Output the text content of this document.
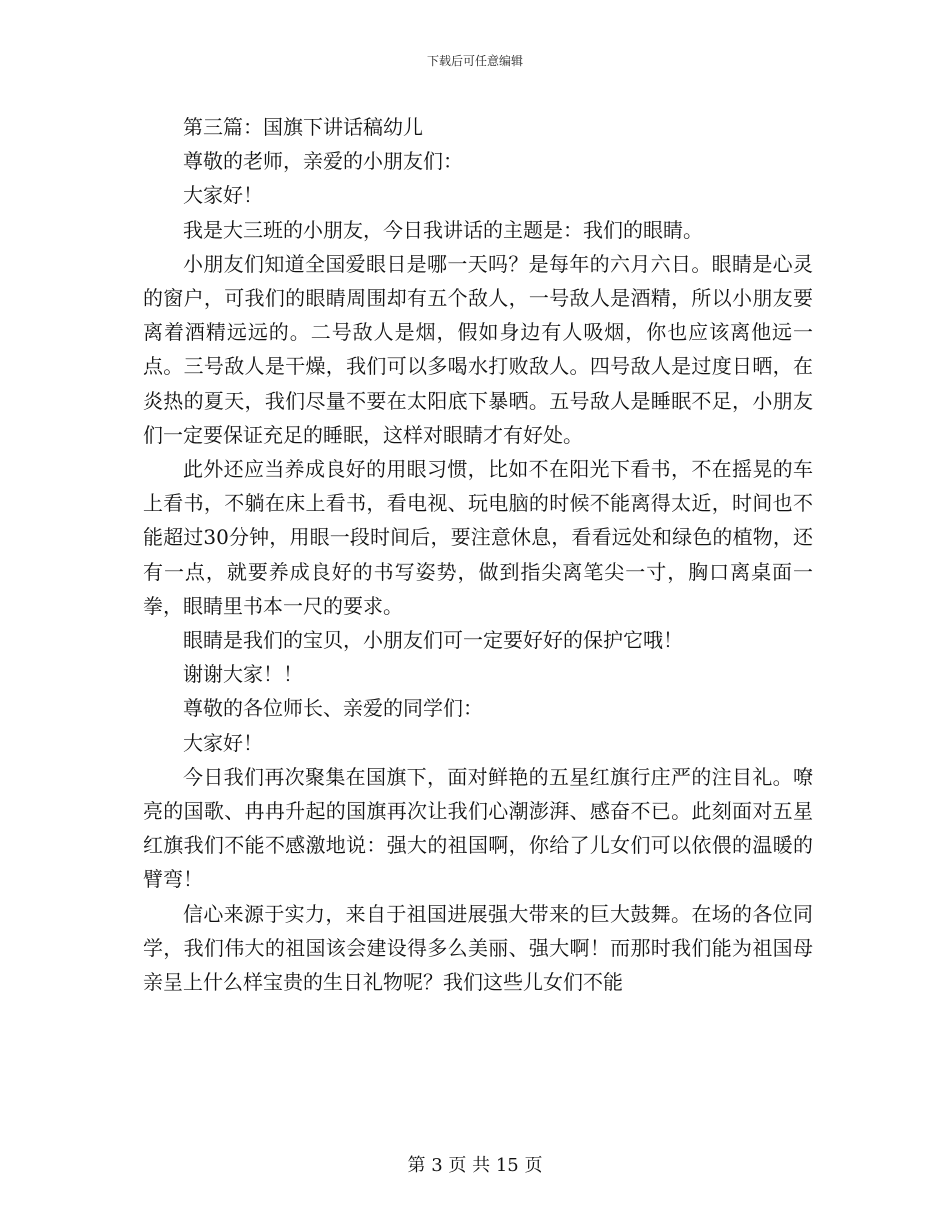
下载后可任意编辑

第三篇：国旗下讲话稿幼儿

尊敬的老师，亲爱的小朋友们：

大家好！

我是大三班的小朋友，今日我讲话的主题是：我们的眼睛。

小朋友们知道全国爱眼日是哪一天吗？是每年的六月六日。眼睛是心灵的窗户，可我们的眼睛周围却有五个敌人，一号敌人是酒精，所以小朋友要离着酒精远远的。二号敌人是烟，假如身边有人吸烟，你也应该离他远一点。三号敌人是干燥，我们可以多喝水打败敌人。四号敌人是过度日晒，在炎热的夏天，我们尽量不要在太阳底下暴晒。五号敌人是睡眠不足，小朋友们一定要保证充足的睡眠，这样对眼睛才有好处。

此外还应当养成良好的用眼习惯，比如不在阳光下看书，不在摇晃的车上看书，不躺在床上看书，看电视、玩电脑的时候不能离得太近，时间也不能超过30分钟，用眼一段时间后，要注意休息，看看远处和绿色的植物，还有一点，就要养成良好的书写姿势，做到指尖离笔尖一寸，胸口离桌面一拳，眼睛里书本一尺的要求。

眼睛是我们的宝贝，小朋友们可一定要好好的保护它哦！

谢谢大家！！

尊敬的各位师长、亲爱的同学们：

大家好！

今日我们再次聚集在国旗下，面对鲜艳的五星红旗行庄严的注目礼。嘹亮的国歌、冉冉升起的国旗再次让我们心潮澎湃、感奋不已。此刻面对五星红旗我们不能不感激地说：强大的祖国啊，你给了儿女们可以依偎的温暖的臂弯！

信心来源于实力，来自于祖国进展强大带来的巨大鼓舞。在场的各位同学，我们伟大的祖国该会建设得多么美丽、强大啊！而那时我们能为祖国母亲呈上什么样宝贵的生日礼物呢？我们这些儿女们不能

第 3 页 共 15 页
